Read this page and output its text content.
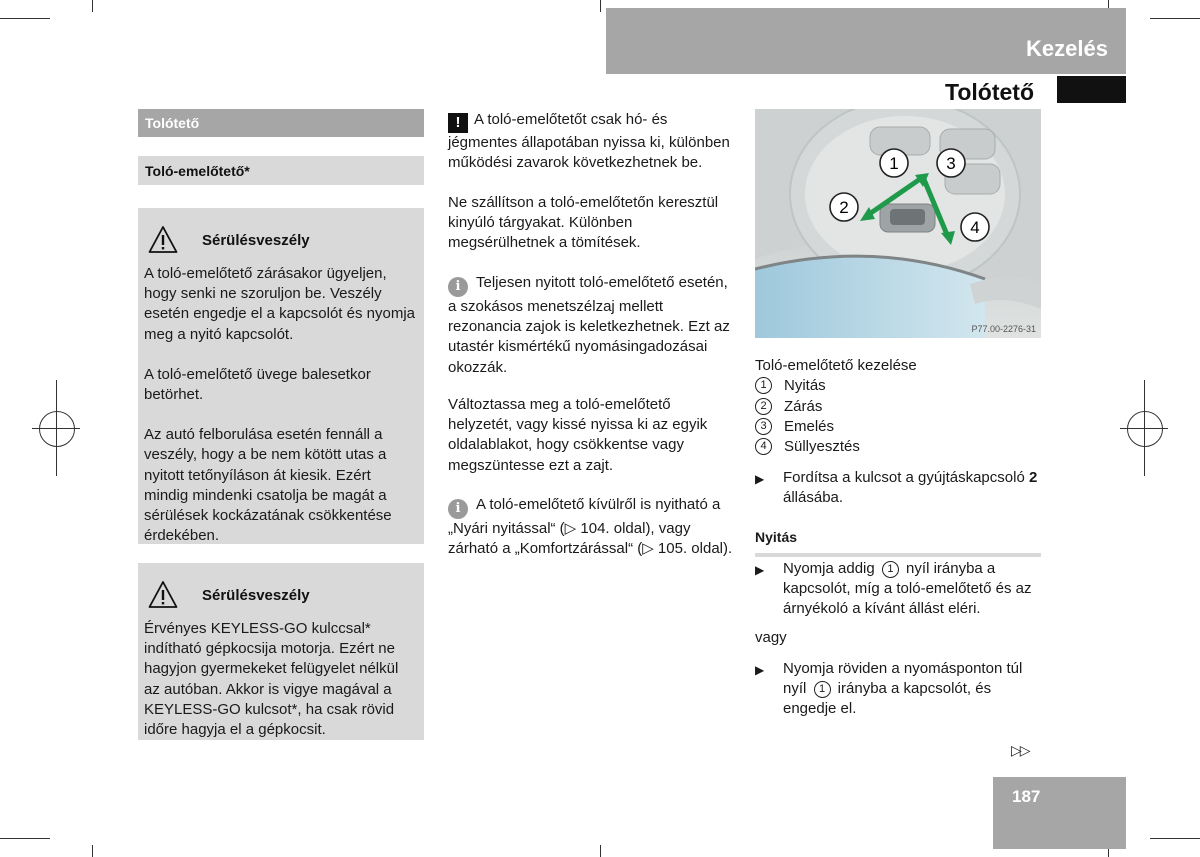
Kezelés
Tolótető
Tolótető
Toló-emelőtető*
Sérülésveszély

A toló-emelőtető zárásakor ügyeljen, hogy senki ne szoruljon be. Veszély esetén engedje el a kapcsolót és nyomja meg a nyitó kapcsolót.

A toló-emelőtető üvege balesetkor betörhet.

Az autó felborulása esetén fennáll a veszély, hogy a be nem kötött utas a nyitott tetőnyíláson át kiesik. Ezért mindig mindenki csatolja be magát a sérülések kockázatának csökkentése érdekében.

Sérülésveszély

Érvényes KEYLESS-GO kulccsal* indítható gépkocsija motorja. Ezért ne hagyjon gyermekeket felügyelet nélkül az autóban. Akkor is vigye magával a KEYLESS-GO kulcsot*, ha csak rövid időre hagyja el a gépkocsit.

! A toló-emelőtetőt csak hó- és jégmentes állapotában nyissa ki, különben működési zavarok következhetnek be.

Ne szállítson a toló-emelőtetőn keresztül kinyúló tárgyakat. Különben megsérülhetnek a tömítések.

i Teljesen nyitott toló-emelőtető esetén, a szokásos menetszélzaj mellett rezonancia zajok is keletkezhetnek. Ezt az utastér kismértékű nyomásingadozásai okozzák.

Változtassa meg a toló-emelőtető helyzetét, vagy kissé nyissa ki az egyik oldalablakot, hogy csökkentse vagy megszüntesse ezt a zajt.

i A toló-emelőtető kívülről is nyitható a „Nyári nyitással“ (▷ 104. oldal), vagy zárható a „Komfortzárással“ (▷ 105. oldal).

1
2
3
4
P77.00-2276-31
Toló-emelőtető kezelése
1	Nyitás
2	Zárás
3	Emelés
4	Süllyesztés
▶	Fordítsa a kulcsot a gyújtáskapcsoló 2 állásába.
Nyitás
▶	Nyomja addig 1 nyíl irányba a kapcsolót, míg a toló-emelőtető és az árnyékoló a kívánt állást eléri.
vagy
▶	Nyomja röviden a nyomásponton túl nyíl 1 irányba a kapcsolót, és engedje el.
▷▷
187
